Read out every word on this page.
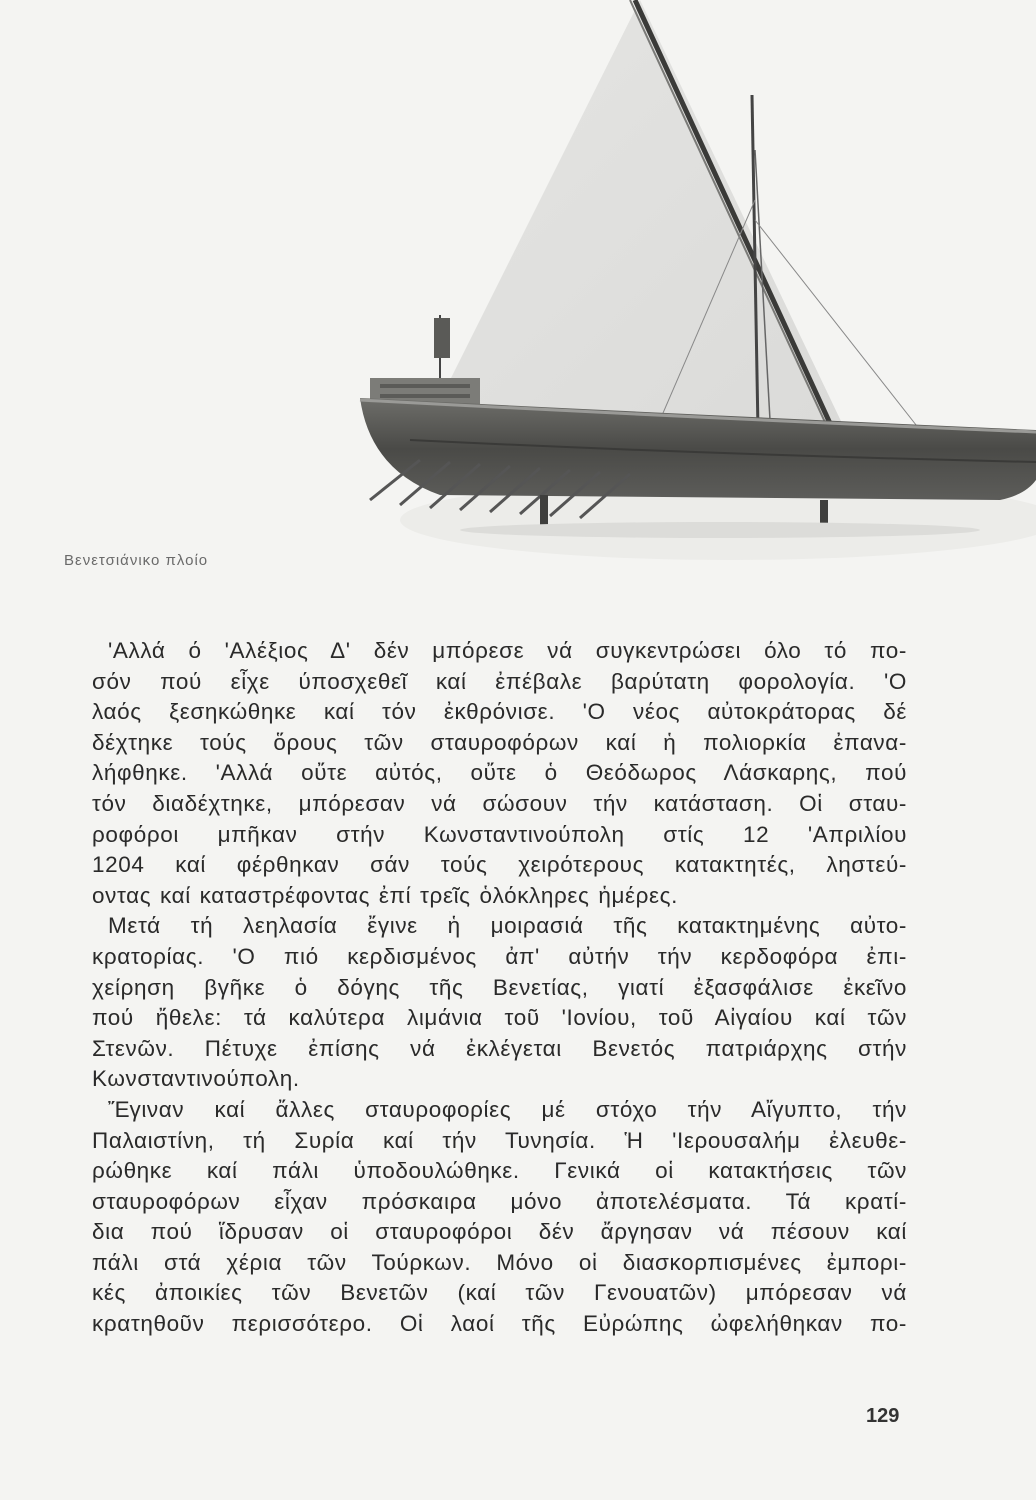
Βενετσιάνικο πλοίο
'Αλλά ό 'Αλέξιος Δ' δέν μπόρεσε νά συγκεντρώσει όλο τό πο-
σόν πού εἶχε ύποσχεθεῖ καί ἐπέβαλε βαρύτατη φορολογία. 'Ο
λαός ξεσηκώθηκε καί τόν ἐκθρόνισε. 'Ο νέος αὐτοκράτορας δέ
δέχτηκε τούς ὅρους τῶν σταυροφόρων καί ἡ πολιορκία ἐπανα-
λήφθηκε. 'Αλλά οὔτε αὐτός, οὔτε ὁ Θεόδωρος Λάσκαρης, πού
τόν διαδέχτηκε, μπόρεσαν νά σώσουν τήν κατάσταση. Οἱ σταυ-
ροφόροι μπῆκαν στήν Κωνσταντινούπολη στίς 12 'Απριλίου
1204 καί φέρθηκαν σάν τούς χειρότερους κατακτητές, ληστεύ-
οντας καί καταστρέφοντας ἐπί τρεῖς ὁλόκληρες ἡμέρες.
Μετά τή λεηλασία ἔγινε ἡ μοιρασιά τῆς κατακτημένης αὐτο-
κρατορίας. 'Ο πιό κερδισμένος ἀπ' αὐτήν τήν κερδοφόρα ἐπι-
χείρηση βγῆκε ὁ δόγης τῆς Βενετίας, γιατί ἐξασφάλισε ἐκεῖνο
πού ἤθελε: τά καλύτερα λιμάνια τοῦ 'Ιονίου, τοῦ Αἰγαίου καί τῶν
Στενῶν. Πέτυχε ἐπίσης νά ἐκλέγεται Βενετός πατριάρχης στήν
Κωνσταντινούπολη.
Ἔγιναν καί ἄλλες σταυροφορίες μέ στόχο τήν Αἴγυπτο, τήν
Παλαιστίνη, τή Συρία καί τήν Τυνησία. Ἡ 'Ιερουσαλήμ ἐλευθε-
ρώθηκε καί πάλι ὑποδουλώθηκε. Γενικά οἱ κατακτήσεις τῶν
σταυροφόρων εἶχαν πρόσκαιρα μόνο ἀποτελέσματα. Τά κρατί-
δια πού ἵδρυσαν οἱ σταυροφόροι δέν ἄργησαν νά πέσουν καί
πάλι στά χέρια τῶν Τούρκων. Μόνο οἱ διασκορπισμένες ἐμπορι-
κές ἀποικίες τῶν Βενετῶν (καί τῶν Γενουατῶν) μπόρεσαν νά
κρατηθοῦν περισσότερο. Οἱ λαοί τῆς Εὐρώπης ὠφελήθηκαν πο-
129
